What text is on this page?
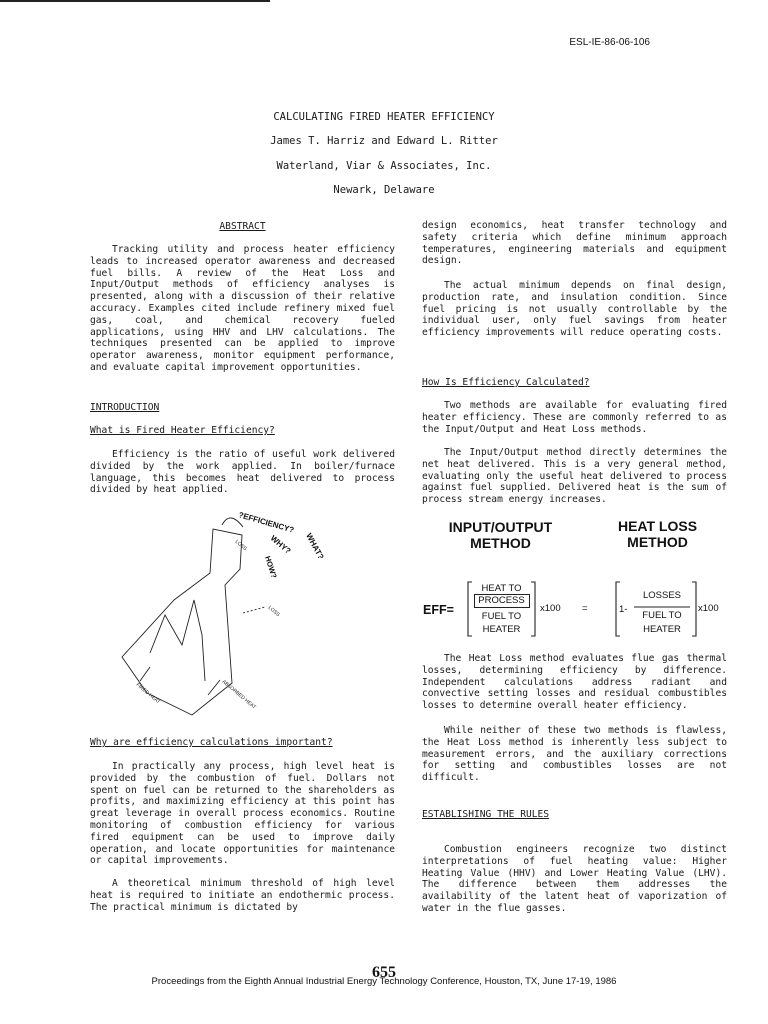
ESL-IE-86-06-106
CALCULATING FIRED HEATER EFFICIENCY
James T. Harriz and Edward L. Ritter
Waterland, Viar & Associates, Inc.
Newark, Delaware
ABSTRACT

Tracking utility and process heater efficiency leads to increased operator awareness and decreased fuel bills. A review of the Heat Loss and Input/Output methods of efficiency analyses is presented, along with a discussion of their relative accuracy. Examples cited include refinery mixed fuel gas, coal, and chemical recovery fueled applications, using HHV and LHV calculations. The techniques presented can be applied to improve operator awareness, monitor equipment performance, and evaluate capital improvement opportunities.

INTRODUCTION
What is Fired Heater Efficiency?

Efficiency is the ratio of useful work delivered divided by the work applied. In boiler/furnace language, this becomes heat delivered to process divided by heat applied.

?EFFICIENCY?
WHY? WHAT?
HOW?
LOSS
LOSS
FIRED HEAT	ABSORBED HEAT
Why are efficiency calculations important?

In practically any process, high level heat is provided by the combustion of fuel. Dollars not spent on fuel can be returned to the shareholders as profits, and maximizing efficiency at this point has great leverage in overall process economics. Routine monitoring of combustion efficiency for various fired equipment can be used to improve daily operation, and locate opportunities for maintenance or capital improvements.

A theoretical minimum threshold of high level heat is required to initiate an endothermic process. The practical minimum is dictated by

design economics, heat transfer technology and safety criteria which define minimum approach temperatures, engineering materials and equipment design.

The actual minimum depends on final design, production rate, and insulation condition. Since fuel pricing is not usually controllable by the individual user, only fuel savings from heater efficiency improvements will reduce operating costs.

How Is Efficiency Calculated?

Two methods are available for evaluating fired heater efficiency. These are commonly referred to as the Input/Output and Heat Loss methods.

The Input/Output method directly determines the net heat delivered. This is a very general method, evaluating only the useful heat delivered to process against fuel supplied. Delivered heat is the sum of process stream energy increases.

INPUT/OUTPUT
METHOD
HEAT LOSS
METHOD
EFF=
HEAT TO
PROCESS
FUEL TO
HEATER
x100 =	1-
LOSSES
FUEL TO
HEATER
x100

The Heat Loss method evaluates flue gas thermal losses, determining efficiency by difference. Independent calculations address radiant and convective setting losses and residual combustibles losses to determine overall heater efficiency.

While neither of these two methods is flawless, the Heat Loss method is inherently less subject to measurement errors, and the auxiliary corrections for setting and combustibles losses are not difficult.

ESTABLISHING THE RULES

Combustion engineers recognize two distinct interpretations of fuel heating value: Higher Heating Value (HHV) and Lower Heating Value (LHV). The difference between them addresses the availability of the latent heat of vaporization of water in the flue gasses.

655
Proceedings from the Eighth Annual Industrial Energy Technology Conference, Houston, TX, June 17-19, 1986
